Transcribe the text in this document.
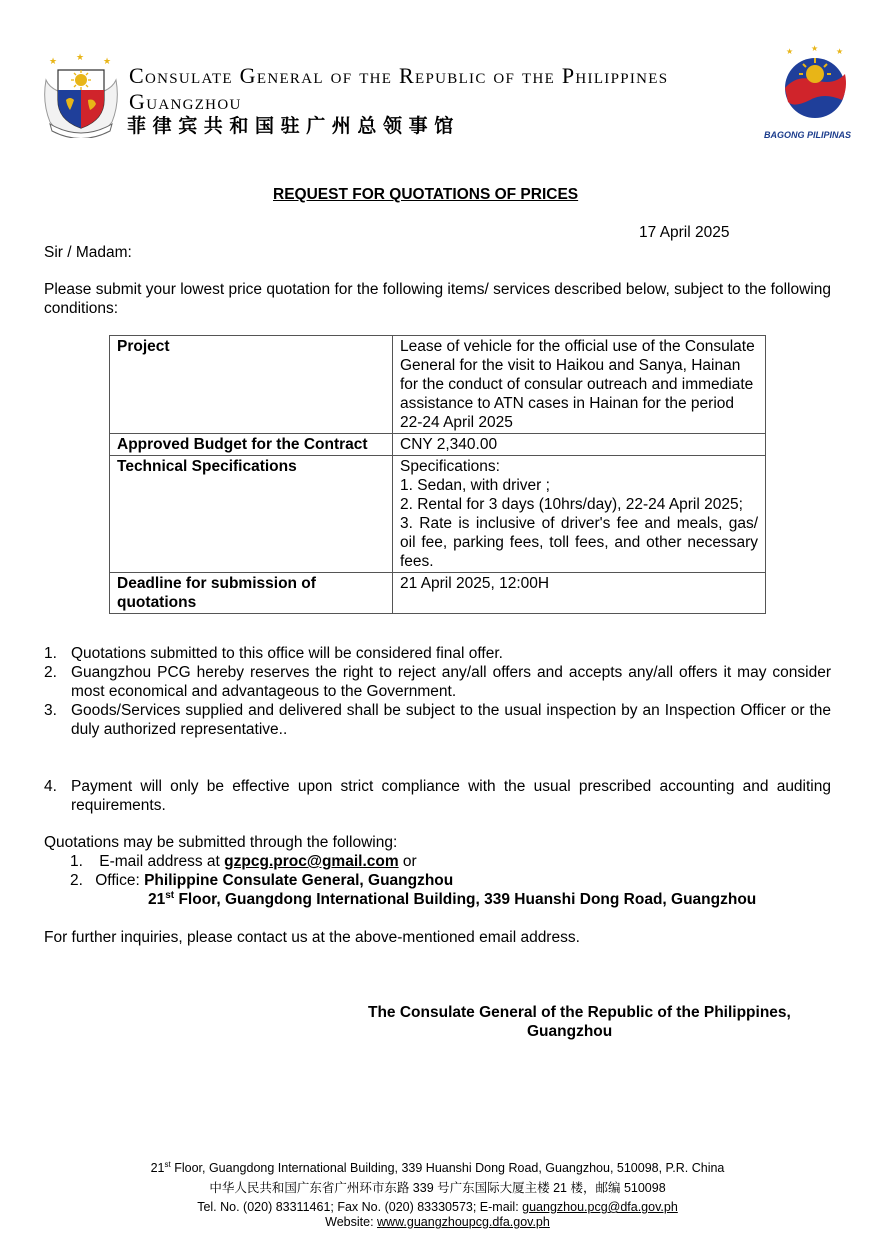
★ ★ ★
Consulate General of the Republic of the Philippines
Guangzhou
菲律宾共和国驻广州总领事馆
★ ★ ★
BAGONG PILIPINAS
REQUEST FOR QUOTATIONS OF PRICES
17 April 2025
Sir / Madam:
Please submit your lowest price quotation for the following items/ services described below, subject to the following conditions:
Project	Lease of vehicle for the official use of the Consulate General for the visit to Haikou and Sanya, Hainan for the conduct of consular outreach and immediate assistance to ATN cases in Hainan for the period 22-24 April 2025
Approved Budget for the Contract	CNY 2,340.00
Technical Specifications	Specifications:
1. Sedan, with driver ;
2. Rental for 3 days (10hrs/day), 22-24 April 2025;
3. Rate is inclusive of driver's fee and meals, gas/ oil fee, parking fees, toll fees, and other necessary fees.

Deadline for submission of quotations	21 April 2025, 12:00H
1. Quotations submitted to this office will be considered final offer.
2. Guangzhou PCG hereby reserves the right to reject any/all offers and accepts any/all offers it may consider most economical and advantageous to the Government.
3. Goods/Services supplied and delivered shall be subject to the usual inspection by an Inspection Officer or the duly authorized representative..
4. Payment will only be effective upon strict compliance with the usual prescribed accounting and auditing requirements.
Quotations may be submitted through the following:
1. E-mail address at gzpcg.proc@gmail.com or
2. Office: Philippine Consulate General, Guangzhou
21st Floor, Guangdong International Building, 339 Huanshi Dong Road, Guangzhou
For further inquiries, please contact us at the above-mentioned email address.
The Consulate General of the Republic of the Philippines,
Guangzhou
21st Floor, Guangdong International Building, 339 Huanshi Dong Road, Guangzhou, 510098, P.R. China
中华人民共和国广东省广州环市东路 339 号广东国际大厦主楼 21 楼，邮编 510098
Tel. No. (020) 83311461; Fax No. (020) 83330573; E-mail: guangzhou.pcg@dfa.gov.ph
Website: www.guangzhoupcg.dfa.gov.ph
